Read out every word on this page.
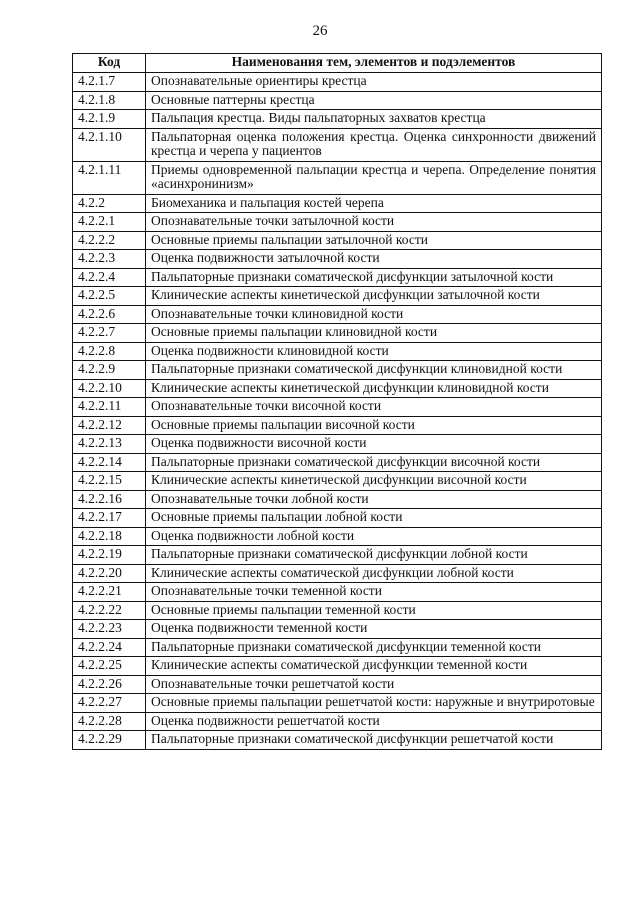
26
Код	Наименования тем, элементов и подэлементов
4.2.1.7	Опознавательные ориентиры крестца
4.2.1.8	Основные паттерны крестца
4.2.1.9	Пальпация крестца. Виды пальпаторных захватов крестца
4.2.1.10	Пальпаторная оценка положения крестца. Оценка синхронности движений крестца и черепа у пациентов
4.2.1.11	Приемы одновременной пальпации крестца и черепа. Определение понятия «асинхронинизм»
4.2.2	Биомеханика и пальпация костей черепа
4.2.2.1	Опознавательные точки затылочной кости
4.2.2.2	Основные приемы пальпации затылочной кости
4.2.2.3	Оценка подвижности затылочной кости
4.2.2.4	Пальпаторные признаки соматической дисфункции затылочной кости
4.2.2.5	Клинические аспекты кинетической дисфункции затылочной кости
4.2.2.6	Опознавательные точки клиновидной кости
4.2.2.7	Основные приемы пальпации клиновидной кости
4.2.2.8	Оценка подвижности клиновидной кости
4.2.2.9	Пальпаторные признаки соматической дисфункции клиновидной кости
4.2.2.10	Клинические аспекты кинетической дисфункции клиновидной кости
4.2.2.11	Опознавательные точки височной кости
4.2.2.12	Основные приемы пальпации височной кости
4.2.2.13	Оценка подвижности височной кости
4.2.2.14	Пальпаторные признаки соматической дисфункции височной кости
4.2.2.15	Клинические аспекты кинетической дисфункции височной кости
4.2.2.16	Опознавательные точки лобной кости
4.2.2.17	Основные приемы пальпации лобной кости
4.2.2.18	Оценка подвижности лобной кости
4.2.2.19	Пальпаторные признаки соматической дисфункции лобной кости
4.2.2.20	Клинические аспекты соматической дисфункции лобной кости
4.2.2.21	Опознавательные точки теменной кости
4.2.2.22	Основные приемы пальпации теменной кости
4.2.2.23	Оценка подвижности теменной кости
4.2.2.24	Пальпаторные признаки соматической дисфункции теменной кости
4.2.2.25	Клинические аспекты соматической дисфункции теменной кости
4.2.2.26	Опознавательные точки решетчатой кости
4.2.2.27	Основные приемы пальпации решетчатой кости: наружные и внутриротовые
4.2.2.28	Оценка подвижности решетчатой кости
4.2.2.29	Пальпаторные признаки соматической дисфункции решетчатой кости
